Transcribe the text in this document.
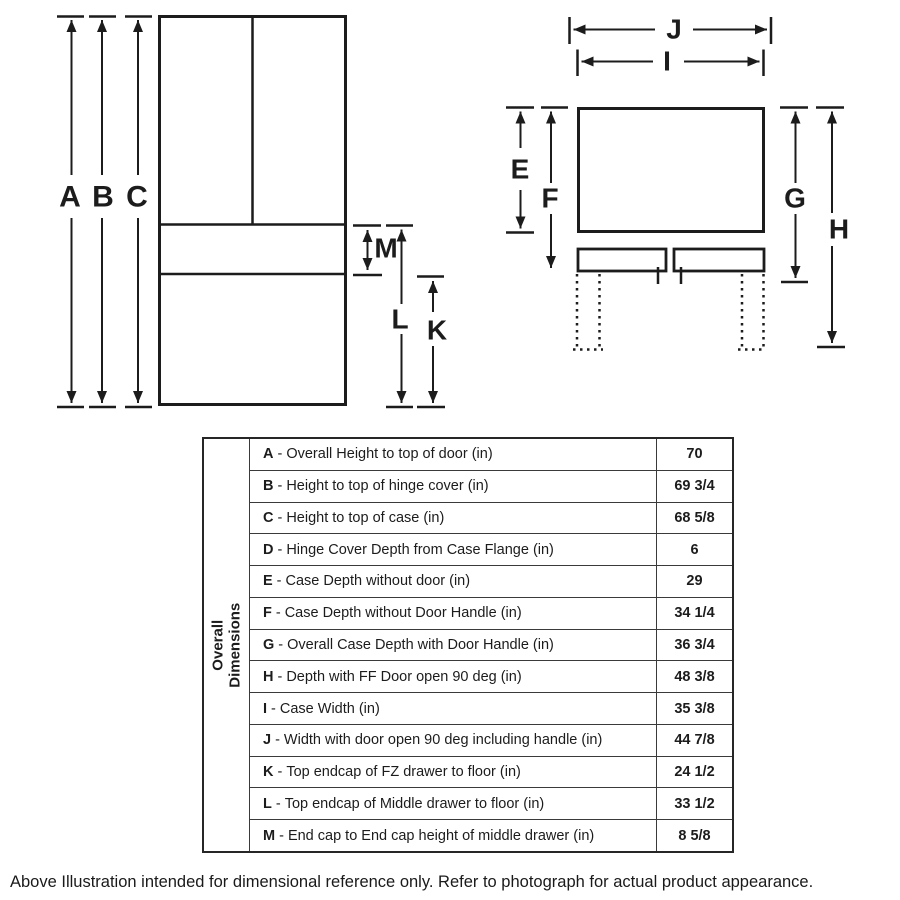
A B C
M
L K
J
I
E
F	G
H
Overall Dimensions
A - Overall Height to top of door (in)	70
B - Height to top of hinge cover (in)	69 3/4
C - Height to top of case (in)	68 5/8
D - Hinge Cover Depth from Case Flange (in)	6
E - Case Depth without door (in)	29
F - Case Depth without Door Handle (in)	34 1/4
G - Overall Case Depth with Door Handle (in)	36 3/4
H - Depth with FF Door open 90 deg (in)	48 3/8
I - Case Width (in)	35 3/8
J - Width with door open 90 deg including handle (in)	44 7/8
K - Top endcap of FZ drawer to floor (in)	24 1/2
L - Top endcap of Middle drawer to floor (in)	33 1/2
M - End cap to End cap height of middle drawer (in)	8 5/8
Above Illustration intended for dimensional reference only. Refer to photograph for actual product appearance.
